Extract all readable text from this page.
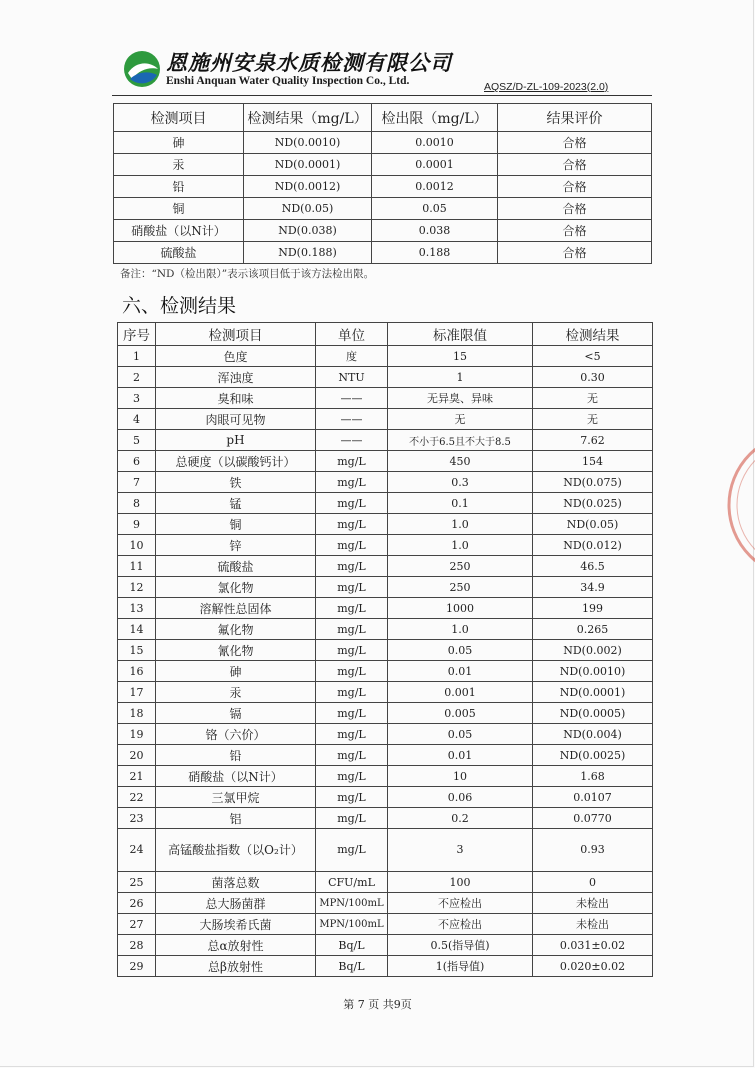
恩施州安泉水质检测有限公司
Enshi Anquan Water Quality Inspection Co., Ltd.	AQSZ/D-ZL-109-2023(2.0)
检测项目	检测结果（mg/L）	检出限（mg/L）	结果评价
砷	ND(0.0010)	0.0010	合格
汞	ND(0.0001)	0.0001	合格
铅	ND(0.0012)	0.0012	合格
铜	ND(0.05)	0.05	合格
硝酸盐（以N计）	ND(0.038)	0.038	合格
硫酸盐	ND(0.188)	0.188	合格
备注：“ND（检出限）”表示该项目低于该方法检出限。
六、检测结果
序号	检测项目	单位	标准限值	检测结果
1	色度	度	15	<5
2	浑浊度	NTU	1	0.30
3	臭和味	——	无异臭、异味	无
4	肉眼可见物	——	无	无
5	pH	——	不小于6.5且不大于8.5	7.62
6	总硬度（以碳酸钙计）	mg/L	450	154
7	铁	mg/L	0.3	ND(0.075)
8	锰	mg/L	0.1	ND(0.025)
9	铜	mg/L	1.0	ND(0.05)
10	锌	mg/L	1.0	ND(0.012)
11	硫酸盐	mg/L	250	46.5
12	氯化物	mg/L	250	34.9
13	溶解性总固体	mg/L	1000	199
14	氟化物	mg/L	1.0	0.265
15	氰化物	mg/L	0.05	ND(0.002)
16	砷	mg/L	0.01	ND(0.0010)
17	汞	mg/L	0.001	ND(0.0001)
18	镉	mg/L	0.005	ND(0.0005)
19	铬（六价）	mg/L	0.05	ND(0.004)
20	铅	mg/L	0.01	ND(0.0025)
21	硝酸盐（以N计）	mg/L	10	1.68
22	三氯甲烷	mg/L	0.06	0.0107
23	铝	mg/L	0.2	0.0770
24	高锰酸盐指数（以O₂计）	mg/L	3	0.93
25	菌落总数	CFU/mL	100	0
26	总大肠菌群	MPN/100mL	不应检出	未检出
27	大肠埃希氏菌	MPN/100mL	不应检出	未检出
28	总α放射性	Bq/L	0.5(指导值)	0.031±0.02
29	总β放射性	Bq/L	1(指导值)	0.020±0.02
第 7 页 共9页
